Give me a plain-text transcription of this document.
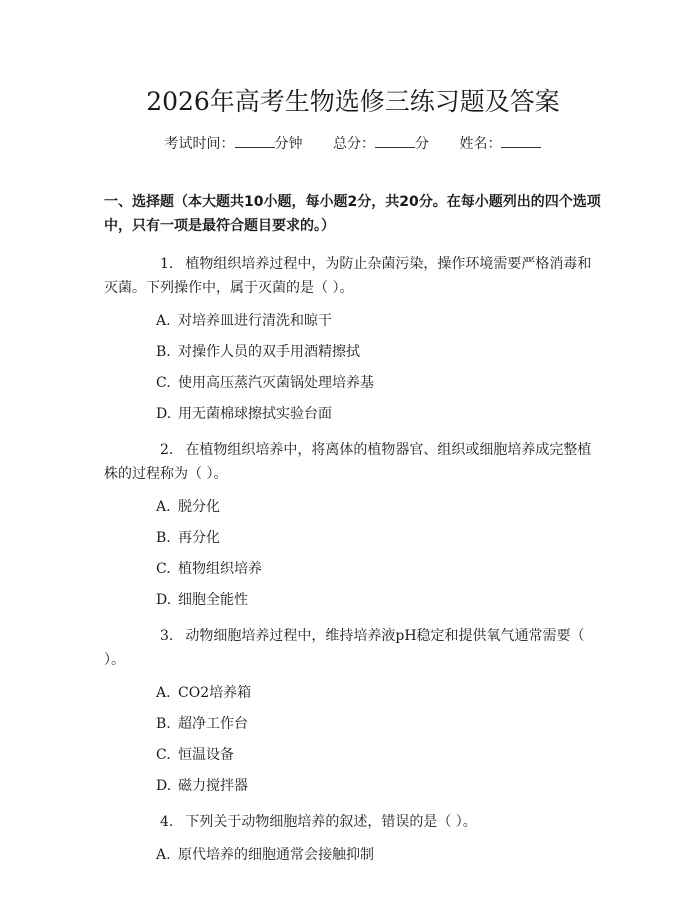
2026年高考生物选修三练习题及答案
考试时间：	分钟 总分：	分 姓名：
一、选择题（本大题共10小题，每小题2分，共20分。在每小题列出的四个选项中，只有一项是最符合题目要求的。）
1. 植物组织培养过程中，为防止杂菌污染，操作环境需要严格消毒和灭菌。下列操作中，属于灭菌的是（ ）。
A. 对培养皿进行清洗和晾干
B. 对操作人员的双手用酒精擦拭
C. 使用高压蒸汽灭菌锅处理培养基
D. 用无菌棉球擦拭实验台面
2. 在植物组织培养中，将离体的植物器官、组织或细胞培养成完整植株的过程称为（ ）。
A. 脱分化
B. 再分化
C. 植物组织培养
D. 细胞全能性
3. 动物细胞培养过程中，维持培养液pH稳定和提供氧气通常需要（ ）。
A. CO2培养箱
B. 超净工作台
C. 恒温设备
D. 磁力搅拌器
4. 下列关于动物细胞培养的叙述，错误的是（ ）。
A. 原代培养的细胞通常会接触抑制
